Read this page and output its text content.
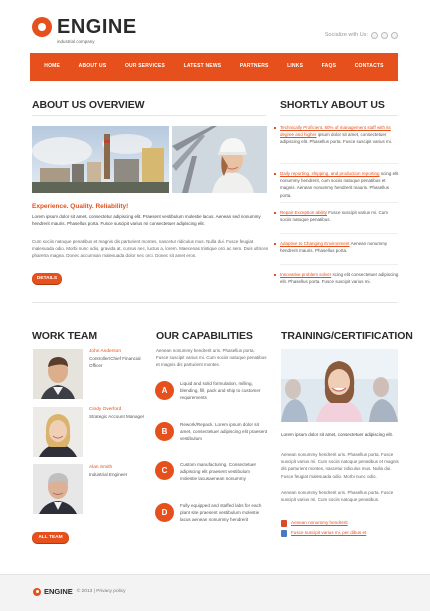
ENGINE
industrial company
Socialize with Us:
HOME	ABOUT US	OUR SERVICES	LATEST NEWS	PARTNERS	LINKS	FAQS	CONTACTS
ABOUT US OVERVIEW
Experience. Quality. Reliability!
Lorem ipsum dolor sit amet, consectetur adipiscing elit. Praesent vestibulum molestie lacus. Aenean sed nonummy hendrerit mauris. Phasellus porta. Fusce suscipit varius mi consectetuer adipiscing elit.
Cum sociis natoque penatibus et magnis dis parturient montes, nascetur ridiculus mus. Nulla dui. Fusce feugiat malesuada odio. Morbi nunc odio, gravida at, cursus nec, luctus a, lorem. Maecenas tristique orci ac sem. Duis ultrices pharetra magna. Donec accumsan malesuada dolor nec orci. Donec sit amet eros.
DETAILS
SHORTLY ABOUT US
Technically Proficient, 80% of management staff with its degree and higher ipsum dolor sit amet, consectetuer adipiscing elit. Phasellus porta. Fusce suscipit varius mi.
Daily reporting, shipping, and production reporting scing elit nonummy hendrerit, cum sociis natoque penatibus et magnis. Aenean nonummy hendrerit mauris. Phasellus porta.
Repair Exception ability Fusce suscipit varius mi. Cum sociis natoque penatibus.
Adaptive to Changing Environment Aenean nonummy hendrerit mauris. Phasellus porta.
Innovative problem solver scing elit consectetuer adipiscing elit. Phasellus porta. Fusce suscipit varius mi.
WORK TEAM
John Anderson
Controller/Chief Financial Officer
Cindy Overford
Strategic Account Manager
Alan Smith
Industrial Engineer
ALL TEAM
OUR CAPABILITIES
Aenean nonummy hendrerit uris. Phasellus porta. Fusce suscipit varius mi. Cum sociis natoque penatibus et magnis dis parturient montes.
A
Liquid and solid formulation, milling, blending, fill, pack and ship to customer requirements
B
Rework/Repack. Lorem ipsum dolor sit amet, consectetuer adipiscing elit praesent vestibulum
C
Custom manufacturing. Consectetuer adipiscing elit praesent vestibulum molestie lacusaenean nonummy
D
Fully equipped and staffed labs for each plant site praesent vestibulum molestie lacus aenean nonummy hendrerit
TRAINING/CERTIFICATION
Lorem ipsum dolor sit amet, consectetuer adipiscing elit.
Aenean nonummy hendrerit uris. Phasellus porta. Fusce suscipit varius mi. Cum sociis natoque penatibus et magnis dis parturient montes, nascetur ridiculus mus. Nulla dui. Fusce feugiat malesuada odio. Morbi nunc odio.
Aenean nonummy hendrerit uris. Phasellus porta. Fusce suscipit varius mi. Cum sociis natoque penatibus.
Aenean nonummy hendrerit
Fusce suscipit varius mi, per dibus et
ENGINE © 2013 | Privacy policy
